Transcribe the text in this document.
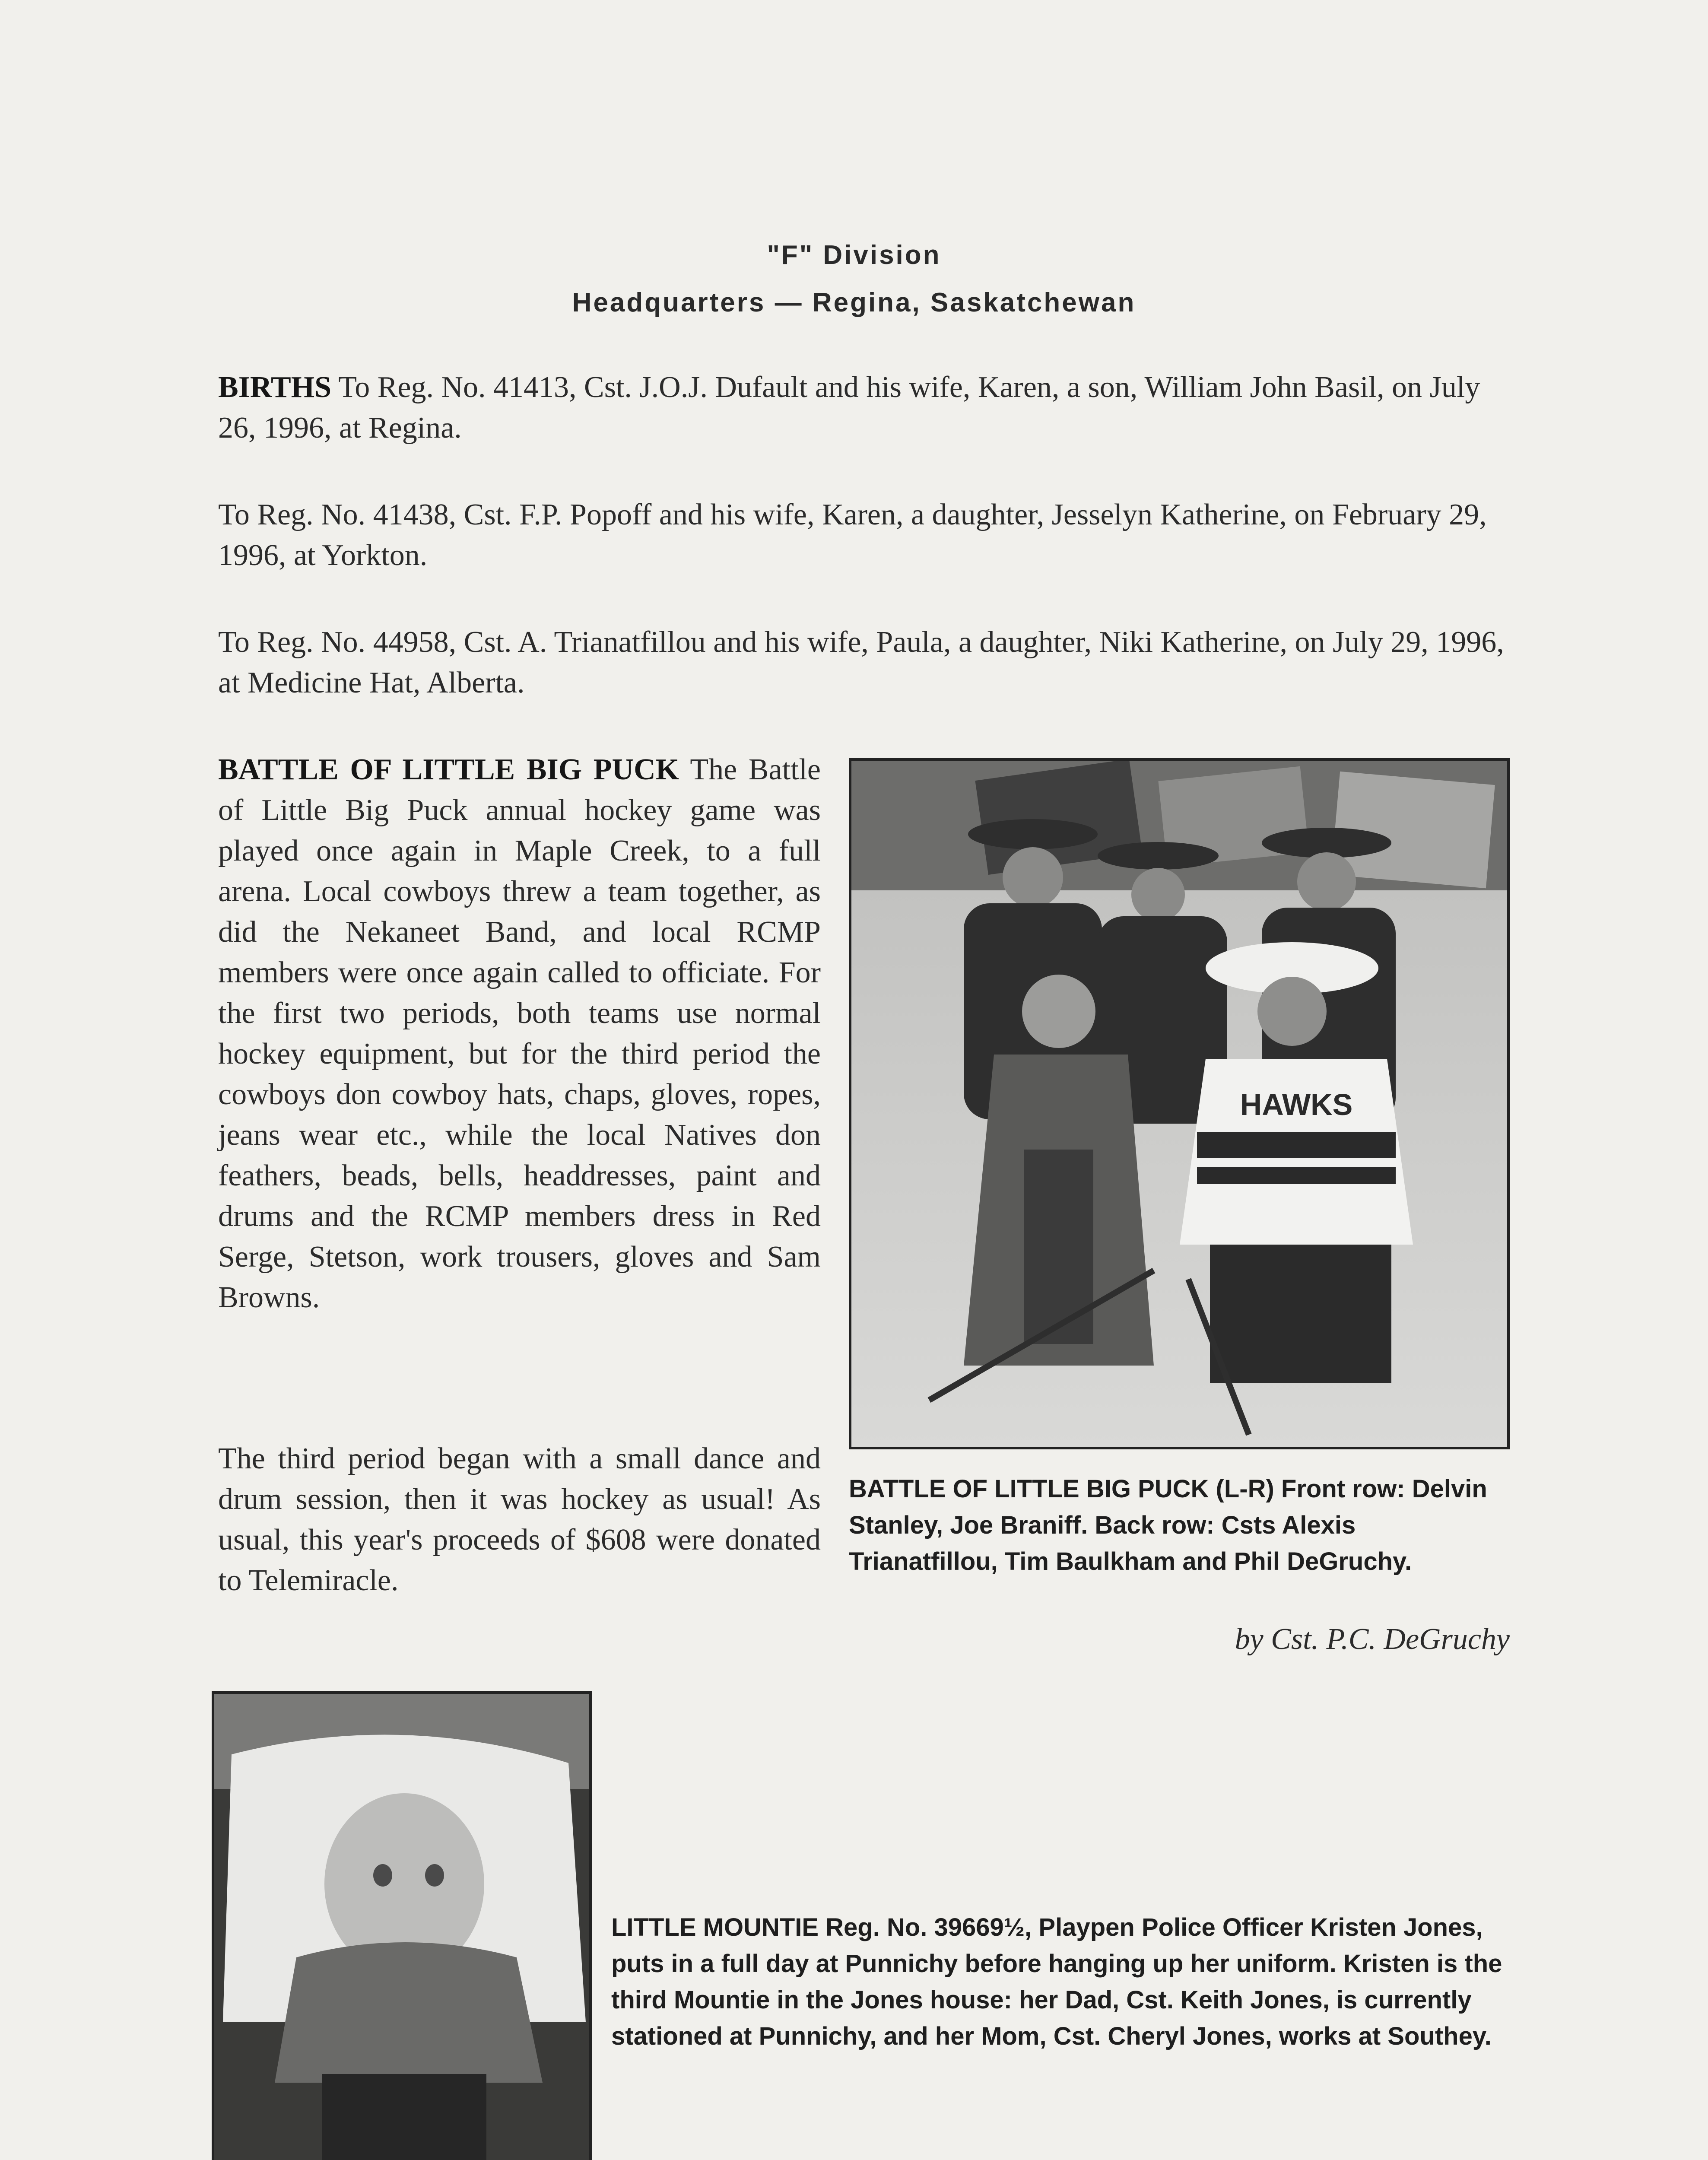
"F" Division
Headquarters — Regina, Saskatchewan
BIRTHS To Reg. No. 41413, Cst. J.O.J. Dufault and his wife, Karen, a son, William John Basil, on July 26, 1996, at Regina.
To Reg. No. 41438, Cst. F.P. Popoff and his wife, Karen, a daughter, Jesselyn Katherine, on February 29, 1996, at Yorkton.
To Reg. No. 44958, Cst. A. Trianatfillou and his wife, Paula, a daughter, Niki Katherine, on July 29, 1996, at Medicine Hat, Alberta.
BATTLE OF LITTLE BIG PUCK The Battle of Little Big Puck annual hockey game was played once again in Maple Creek, to a full arena. Local cowboys threw a team together, as did the Nekaneet Band, and local RCMP members were once again called to officiate. For the first two periods, both teams use normal hockey equipment, but for the third period the cowboys don cowboy hats, chaps, gloves, ropes, jeans wear etc., while the local Natives don feathers, beads, bells, headdresses, paint and drums and the RCMP members dress in Red Serge, Stetson, work trousers, gloves and Sam Browns.
The third period began with a small dance and drum session, then it was hockey as usual! As usual, this year's proceeds of $608 were donated to Telemiracle.
HAWKS
BATTLE OF LITTLE BIG PUCK (L-R) Front row: Delvin Stanley, Joe Braniff. Back row: Csts Alexis Trianatfillou, Tim Baulkham and Phil DeGruchy.
by Cst. P.C. DeGruchy
LITTLE MOUNTIE Reg. No. 39669½, Playpen Police Officer Kristen Jones, puts in a full day at Punnichy before hanging up her uniform. Kristen is the third Mountie in the Jones house: her Dad, Cst. Keith Jones, is currently stationed at Punnichy, and her Mom, Cst. Cheryl Jones, works at Southey.
